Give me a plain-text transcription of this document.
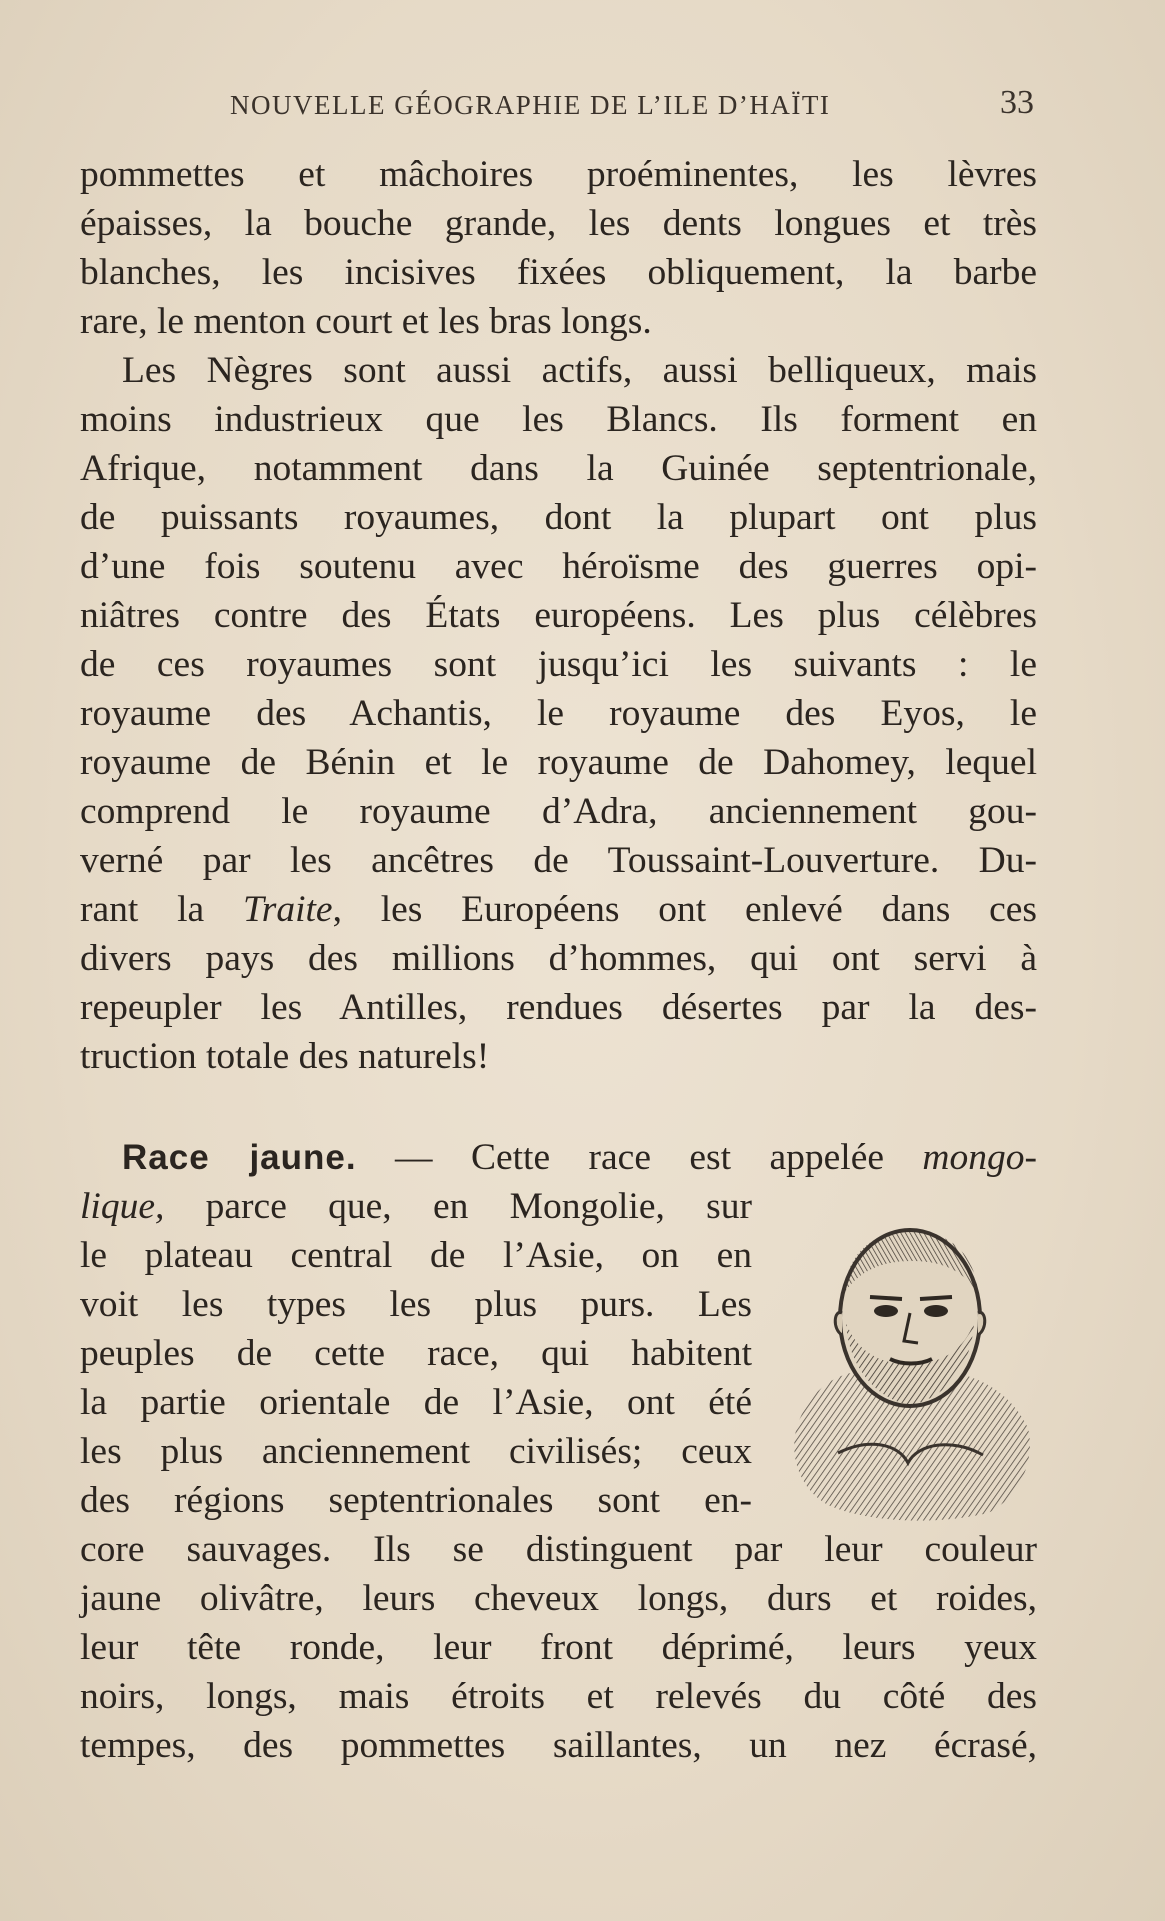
NOUVELLE GÉOGRAPHIE DE L’ILE D’HAÏTI	33
pommettes et mâchoires proéminentes, les lèvres
épaisses, la bouche grande, les dents longues et très
blanches, les incisives fixées obliquement, la barbe
rare, le menton court et les bras longs.
Les Nègres sont aussi actifs, aussi belliqueux, mais
moins industrieux que les Blancs. Ils forment en
Afrique, notamment dans la Guinée septentrionale,
de puissants royaumes, dont la plupart ont plus
d’une fois soutenu avec héroïsme des guerres opi-
niâtres contre des États européens. Les plus célèbres
de ces royaumes sont jusqu’ici les suivants : le
royaume des Achantis, le royaume des Eyos, le
royaume de Bénin et le royaume de Dahomey, lequel
comprend le royaume d’Adra, anciennement gou-
verné par les ancêtres de Toussaint-Louverture. Du-
rant la Traite, les Européens ont enlevé dans ces
divers pays des millions d’hommes, qui ont servi à
repeupler les Antilles, rendues désertes par la des-
truction totale des naturels!
Race jaune. — Cette race est appelée mongo-
lique, parce que, en Mongolie, sur
le plateau central de l’Asie, on en
voit les types les plus purs. Les
peuples de cette race, qui habitent
la partie orientale de l’Asie, ont été
les plus anciennement civilisés; ceux
des régions septentrionales sont en-
core sauvages. Ils se distinguent par leur couleur
jaune olivâtre, leurs cheveux longs, durs et roides,
leur tête ronde, leur front déprimé, leurs yeux
noirs, longs, mais étroits et relevés du côté des
tempes, des pommettes saillantes, un nez écrasé,
